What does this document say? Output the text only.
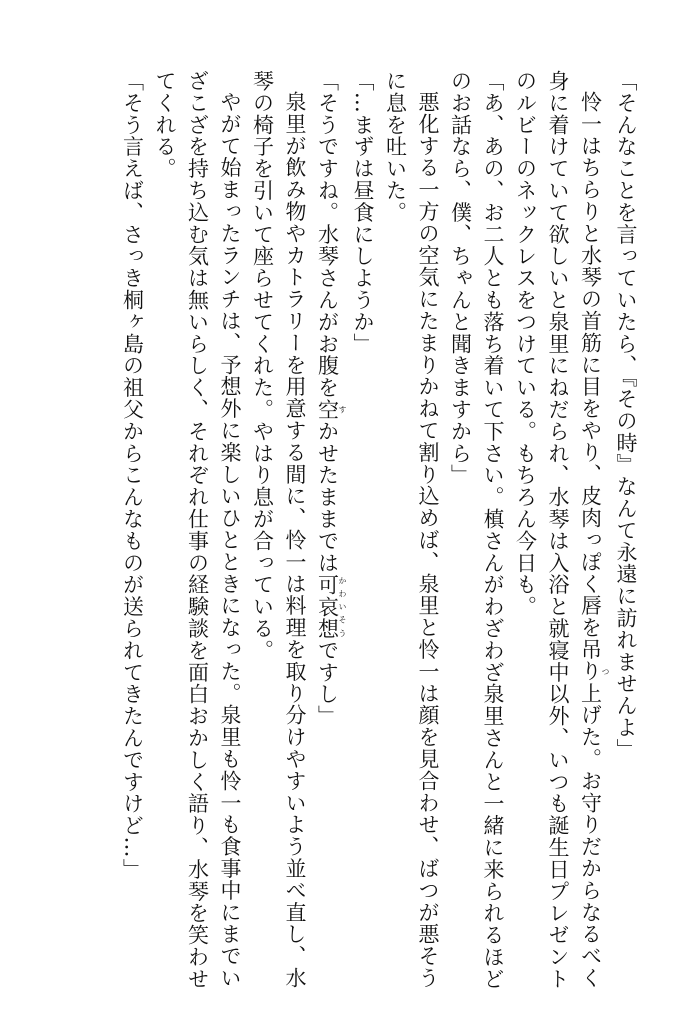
「そんなことを言っていたら、『その時』なんて永遠に訪れませんよ」
怜一はちらりと水琴の首筋に目をやり、皮肉っぽく唇を吊りつ上げた。お守りだからなるべく
身に着けていて欲しいと泉里にねだられ、水琴は入浴と就寝中以外、いつも誕生日プレゼント
のルビーのネックレスをつけている。もちろん今日も。
「あ、あの、お二人とも落ち着いて下さい。槙さんがわざわざ泉里さんと一緒に来られるほど
のお話なら、僕、ちゃんと聞きますから」
悪化する一方の空気にたまりかねて割り込めば、泉里と怜一は顔を見合わせ、ばつが悪そう
に息を吐いた。
「…まずは昼食にしようか」
「そうですね。水琴さんがお腹を空すかせたままでは可哀想かわいそうですし」
泉里が飲み物やカトラリーを用意する間に、怜一は料理を取り分けやすいよう並べ直し、水
琴の椅子を引いて座らせてくれた。やはり息が合っている。
やがて始まったランチは、予想外に楽しいひとときになった。泉里も怜一も食事中にまでい
ざこざを持ち込む気は無いらしく、それぞれ仕事の経験談を面白おかしく語り、水琴を笑わせ
てくれる。
「そう言えば、さっき桐ヶ島の祖父からこんなものが送られてきたんですけど…」
